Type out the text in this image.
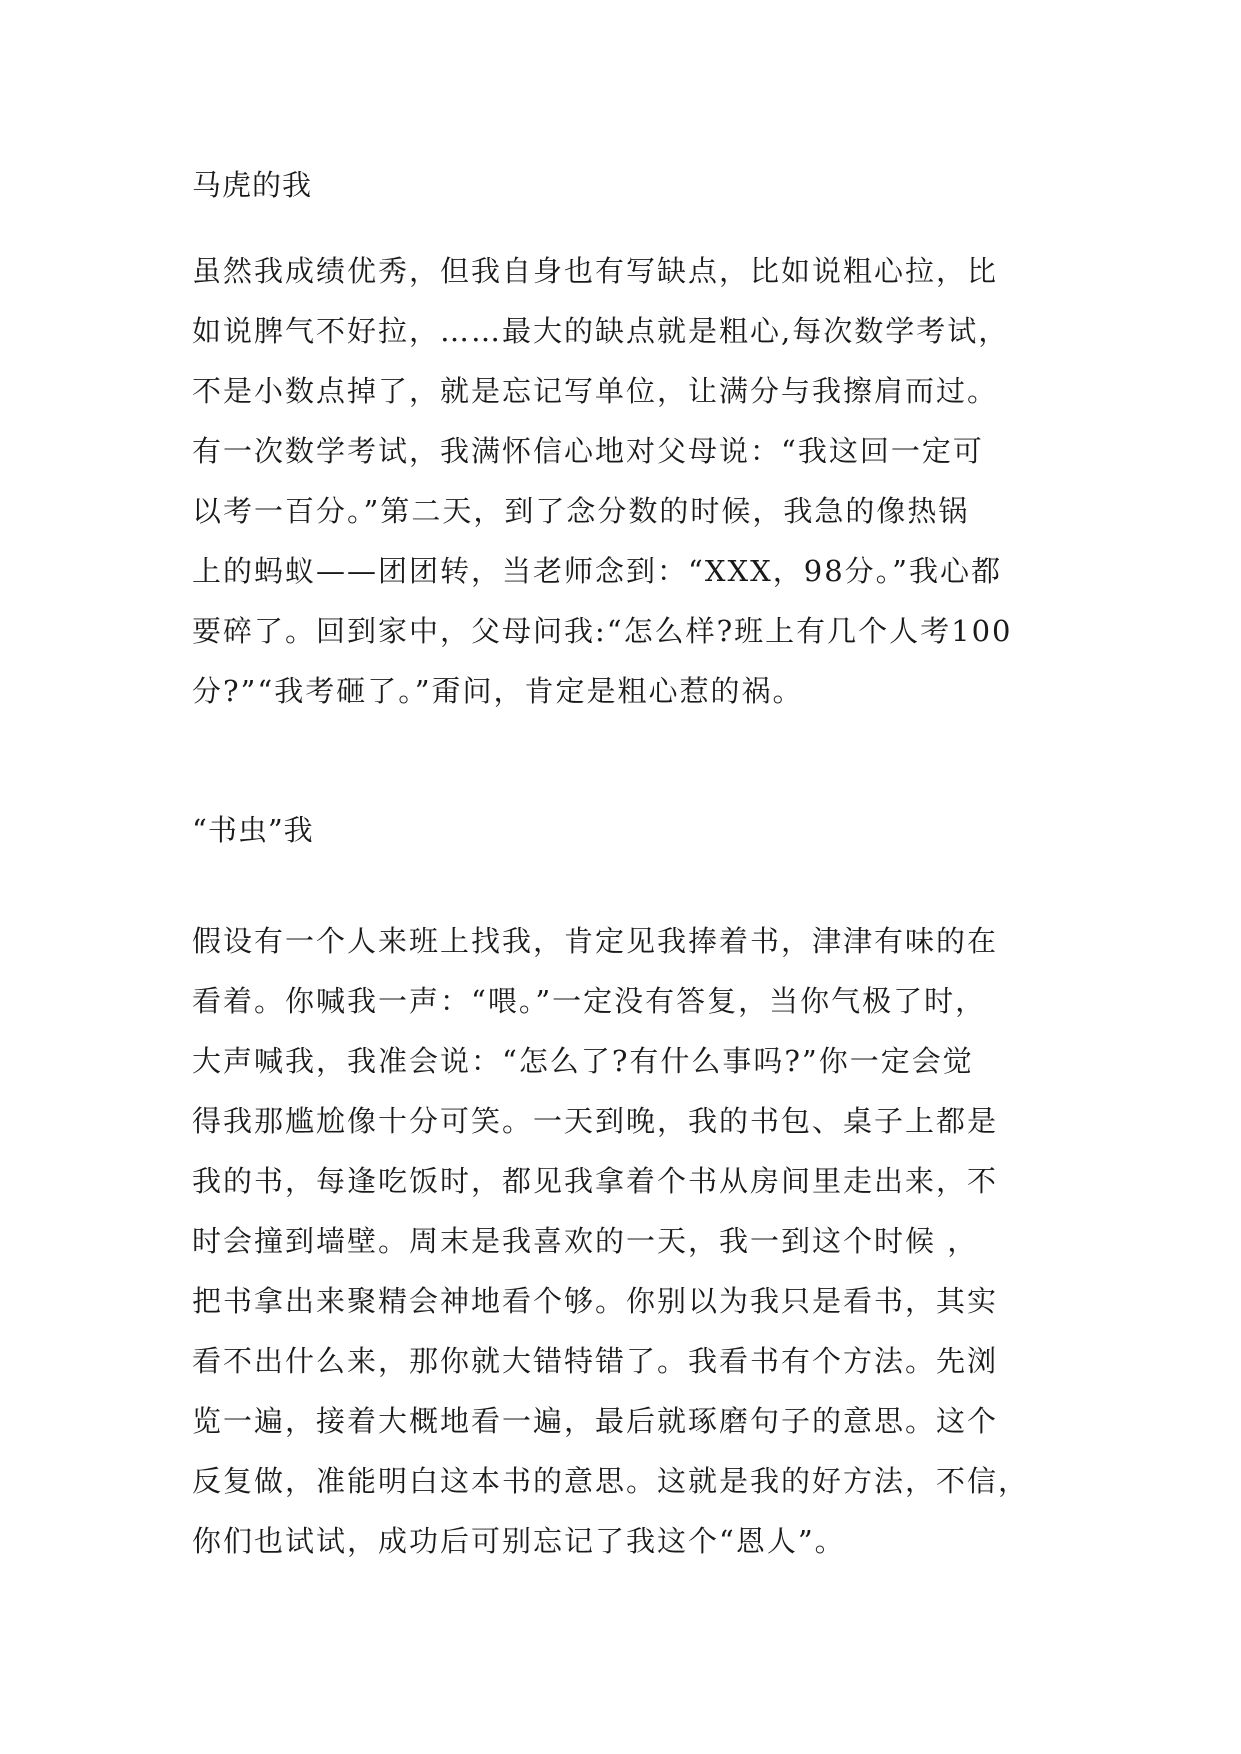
马虎的我
虽然我成绩优秀，但我自身也有写缺点，比如说粗心拉，比
如说脾气不好拉，……最大的缺点就是粗心,每次数学考试，
不是小数点掉了，就是忘记写单位，让满分与我擦肩而过。
有一次数学考试，我满怀信心地对父母说：“我这回一定可
以考一百分。”第二天，到了念分数的时候，我急的像热锅
上的蚂蚁——团团转，当老师念到：“XXX，98分。”我心都
要碎了。回到家中，父母问我:“怎么样?班上有几个人考100
分?”“我考砸了。”甭问，肯定是粗心惹的祸。
“书虫”我
假设有一个人来班上找我，肯定见我捧着书，津津有味的在
看着。你喊我一声：“喂。”一定没有答复，当你气极了时，
大声喊我，我准会说：“怎么了?有什么事吗?”你一定会觉
得我那尴尬像十分可笑。一天到晚，我的书包、桌子上都是
我的书，每逢吃饭时，都见我拿着个书从房间里走出来，不
时会撞到墙壁。周末是我喜欢的一天，我一到这个时候 ，
把书拿出来聚精会神地看个够。你别以为我只是看书，其实
看不出什么来，那你就大错特错了。我看书有个方法。先浏
览一遍，接着大概地看一遍，最后就琢磨句子的意思。这个
反复做，准能明白这本书的意思。这就是我的好方法，不信，
你们也试试，成功后可别忘记了我这个“恩人”。
